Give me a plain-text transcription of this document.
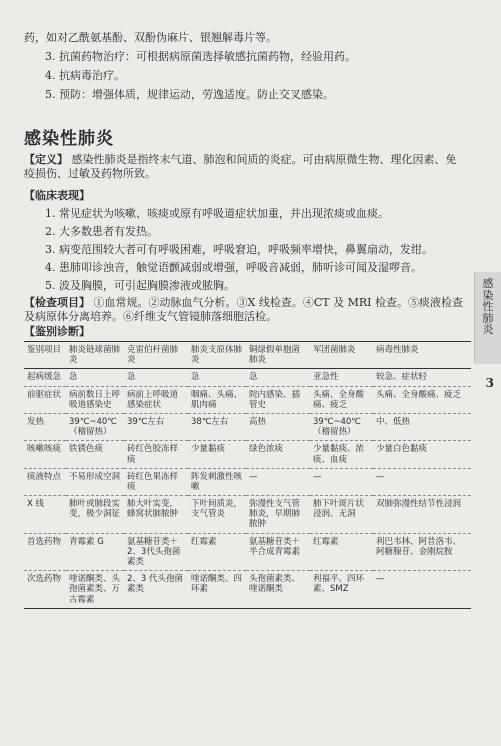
药，如对乙酰氨基酚、双酚伪麻片、银翘解毒片等。
3. 抗菌药物治疗：可根据病原菌选择敏感抗菌药物，经验用药。
4. 抗病毒治疗。
5. 预防：增强体质，规律运动，劳逸适度。防止交叉感染。
感染性肺炎

【定义】 感染性肺炎是指终末气道、肺泡和间质的炎症。可由病原微生物、理化因素、免疫损伤、过敏及药物所致。

【临床表现】
1. 常见症状为咳嗽、咳痰或原有呼吸道症状加重，并出现浓痰或血痰。
2. 大多数患者有发热。
3. 病变范围较大者可有呼吸困难，呼吸窘迫，呼吸频率增快，鼻翼扇动，发绀。
4. 患肺叩诊浊音，触觉语颤减弱或增强，呼吸音减弱，肺听诊可闻及湿啰音。
5. 波及胸膜，可引起胸膜渗液或脓胸。

【检查项目】 ①血常规。②动脉血气分析。③X 线检查。④CT 及 MRI 检查。⑤痰液检查及病原体分离培养。⑥纤维支气管镜肺落细胞活检。

【鉴别诊断】
鉴别项目	肺炎链球菌肺炎	克雷伯杆菌肺炎	肺炎支原体肺炎	铜绿假单胞菌肺炎	军团菌肺炎	病毒性肺炎
起病缓急	急	急	急	急	亚急性	较急、症状轻
前驱症状	病前数日上呼吸道感染史	病前上呼吸道感染症状	咽痛、头痛、肌肉痛	院内感染、插管史	头痛、全身酸痛、疲乏	头痛、全身酸痛、疲乏
发热	39℃~40℃（稽留热）	39℃左右	38℃左右	高热	39℃~40℃（稽留热）	中、低热
咳嗽咳痰	铁锈色痰	砖红色胶冻样痰	少量黏痰	绿色浓痰	少量黏痰、浓痰、血痰	少量白色黏痰
痰液特点	不易形成空洞	砖红色果冻样痰	阵发刺激性咳嗽	—	—	—
X 线	肺叶或肺段实变，极少洞征	肺大叶实变，蜂窝状肺脓肿	下叶间质炎，支气管炎	弥漫性支气管肺炎，早期肺脓肿	肺下叶斑片状浸润、无洞	双肺弥漫性结节性浸润
首选药物	青霉素 G	氨基糖苷类＋2、3代头孢菌素类	红霉素	氨基糖苷类＋半合成青霉素	红霉素	利巴韦林、阿昔洛韦、阿糖腺苷、金刚烷胺
次选药物	喹诺酮类、头孢菌素类、万古霉素	2、3 代头孢菌素类	喹诺酮类、四环素	头孢菌素类、喹诺酮类	利福平、四环素、SMZ	—
感染性肺炎
3
